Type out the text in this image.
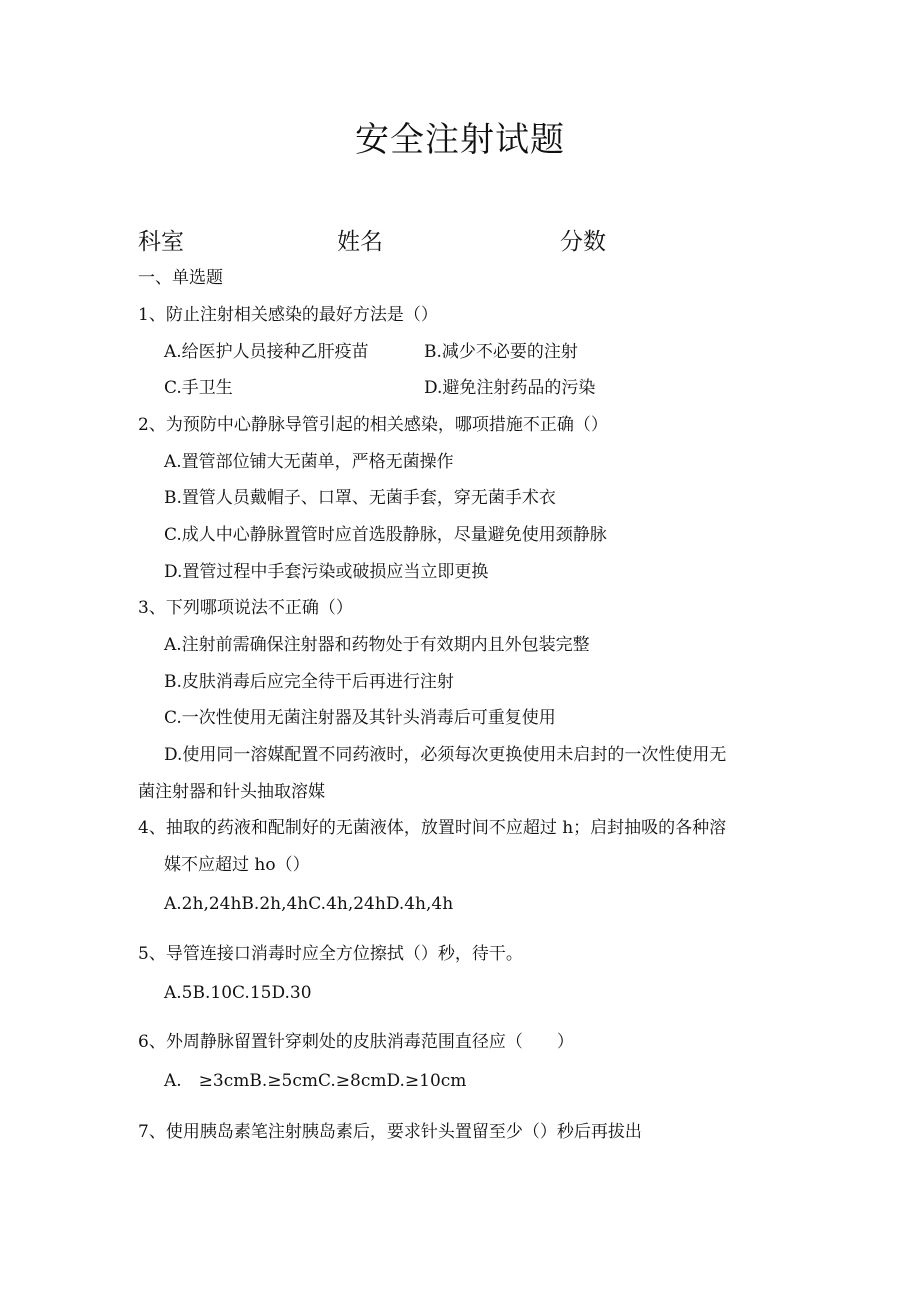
安全注射试题
科室	姓名	分数
一、单选题
1、防止注射相关感染的最好方法是（）
A.给医护人员接种乙肝疫苗	B.减少不必要的注射
C.手卫生	D.避免注射药品的污染
2、为预防中心静脉导管引起的相关感染，哪项措施不正确（）
A.置管部位铺大无菌单，严格无菌操作
B.置管人员戴帽子、口罩、无菌手套，穿无菌手术衣
C.成人中心静脉置管时应首选股静脉，尽量避免使用颈静脉
D.置管过程中手套污染或破损应当立即更换
3、下列哪项说法不正确（）
A.注射前需确保注射器和药物处于有效期内且外包装完整
B.皮肤消毒后应完全待干后再进行注射
C.一次性使用无菌注射器及其针头消毒后可重复使用
D.使用同一溶媒配置不同药液时，必须每次更换使用未启封的一次性使用无
菌注射器和针头抽取溶媒
4、抽取的药液和配制好的无菌液体，放置时间不应超过 h；启封抽吸的各种溶
媒不应超过 ho（）
A.2h,24hB.2h,4hC.4h,24hD.4h,4h
5、导管连接口消毒时应全方位擦拭（）秒，待干。
A.5B.10C.15D.30
6、外周静脉留置针穿刺处的皮肤消毒范围直径应（　　）
A.　≥3cmB.≥5cmC.≥8cmD.≥10cm
7、使用胰岛素笔注射胰岛素后，要求针头置留至少（）秒后再拔出
